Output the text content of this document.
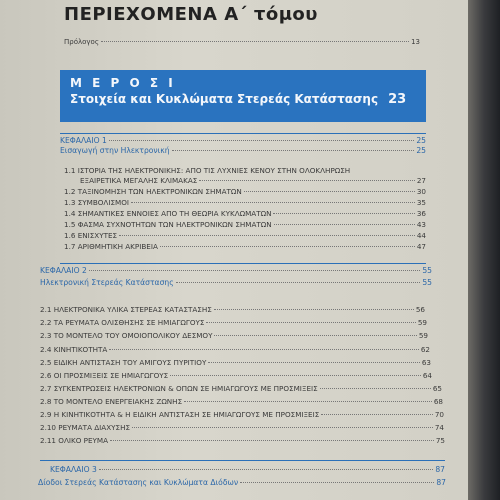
ΠΕΡΙΕΧΟΜΕΝΑ Α΄ τόμου
Πρόλογος	13
Μ Ε Ρ Ο Σ Ι
Στοιχεία και Κυκλώματα Στερεάς Κατάστασης 23
ΚΕΦΑΛΑΙΟ 1	25
Εισαγωγή στην Ηλεκτρονική	25
1.1 ΙΣΤΟΡΙΑ ΤΗΣ ΗΛΕΚΤΡΟΝΙΚΗΣ: ΑΠΟ ΤΙΣ ΛΥΧΝΙΕΣ ΚΕΝΟΥ ΣΤΗΝ ΟΛΟΚΛΗΡΩΣΗ
ΕΞΑΙΡΕΤΙΚΑ ΜΕΓΑΛΗΣ ΚΛΙΜΑΚΑΣ	27
1.2 ΤΑΞΙΝΟΜΗΣΗ ΤΩΝ ΗΛΕΚΤΡΟΝΙΚΩΝ ΣΗΜΑΤΩΝ	30
1.3 ΣΥΜΒΟΛΙΣΜΟΙ	35
1.4 ΣΗΜΑΝΤΙΚΕΣ ΕΝΝΟΙΕΣ ΑΠΟ ΤΗ ΘΕΩΡΙΑ ΚΥΚΛΩΜΑΤΩΝ	36
1.5 ΦΑΣΜΑ ΣΥΧΝΟΤΗΤΩΝ ΤΩΝ ΗΛΕΚΤΡΟΝΙΚΩΝ ΣΗΜΑΤΩΝ	43
1.6 ΕΝΙΣΧΥΤΕΣ	44
1.7 ΑΡΙΘΜΗΤΙΚΗ ΑΚΡΙΒΕΙΑ	47
ΚΕΦΑΛΑΙΟ 2	55
Ηλεκτρονική Στερεάς Κατάστασης	55
2.1 ΗΛΕΚΤΡΟΝΙΚΑ ΥΛΙΚΑ ΣΤΕΡΕΑΣ ΚΑΤΑΣΤΑΣΗΣ	56
2.2 ΤΑ ΡΕΥΜΑΤΑ ΟΛΙΣΘΗΣΗΣ ΣΕ ΗΜΙΑΓΩΓΟΥΣ	59
2.3 ΤΟ ΜΟΝΤΕΛΟ ΤΟΥ ΟΜΟΙΟΠΟΛΙΚΟΥ ΔΕΣΜΟΥ	59
2.4 ΚΙΝΗΤΙΚΟΤΗΤΑ	62
2.5 ΕΙΔΙΚΗ ΑΝΤΙΣΤΑΣΗ ΤΟΥ ΑΜΙΓΟΥΣ ΠΥΡΙΤΙΟΥ	63
2.6 ΟΙ ΠΡΟΣΜΙΞΕΙΣ ΣΕ ΗΜΙΑΓΩΓΟΥΣ	64
2.7 ΣΥΓΚΕΝΤΡΩΣΕΙΣ ΗΛΕΚΤΡΟΝΙΩΝ & ΟΠΩΝ ΣΕ ΗΜΙΑΓΩΓΟΥΣ ΜΕ ΠΡΟΣΜΙΞΕΙΣ	65
2.8 ΤΟ ΜΟΝΤΕΛΟ ΕΝΕΡΓΕΙΑΚΗΣ ΖΩΝΗΣ	68
2.9 Η ΚΙΝΗΤΙΚΟΤΗΤΑ & Η ΕΙΔΙΚΗ ΑΝΤΙΣΤΑΣΗ ΣΕ ΗΜΙΑΓΩΓΟΥΣ ΜΕ ΠΡΟΣΜΙΞΕΙΣ	70
2.10 ΡΕΥΜΑΤΑ ΔΙΑΧΥΣΗΣ	74
2.11 ΟΛΙΚΟ ΡΕΥΜΑ	75
ΚΕΦΑΛΑΙΟ 3	87
Δίοδοι Στερεάς Κατάστασης και Κυκλώματα Διόδων	87
